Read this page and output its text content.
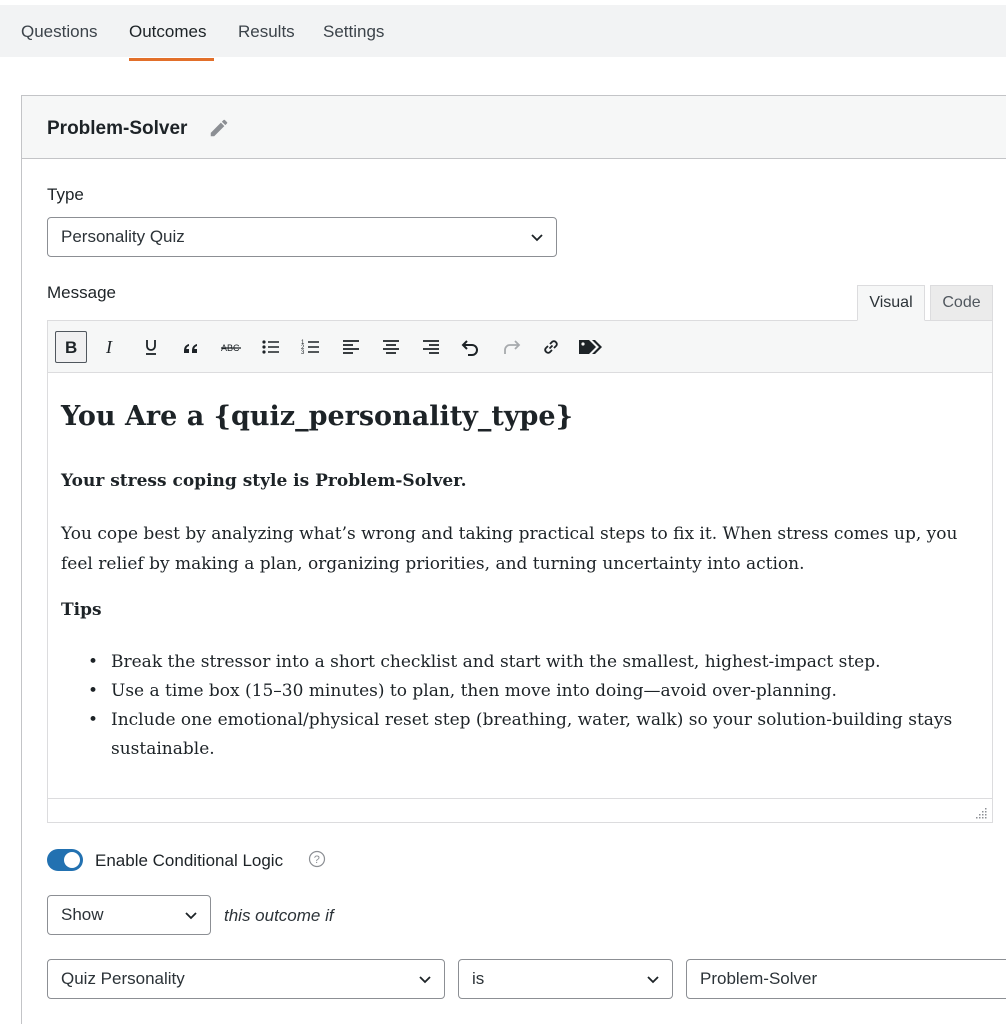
Questions Outcomes Results Settings
Problem-Solver
Type
Personality Quiz
Message
Visual	Code
B I	ABC	1
2
3
You Are a {quiz_personality_type}
Your stress coping style is Problem-Solver.
You cope best by analyzing what’s wrong and taking practical steps to fix it. When stress comes up, you feel relief by making a plan, organizing priorities, and turning uncertainty into action.
Tips
• Break the stressor into a short checklist and start with the smallest, highest-impact step.
• Use a time box (15–30 minutes) to plan, then move into doing—avoid over-planning.
• Include one emotional/physical reset step (breathing, water, walk) so your solution-building stays sustainable.
Enable Conditional Logic	?
Show	this outcome if
Quiz Personality	is	Problem-Solver
